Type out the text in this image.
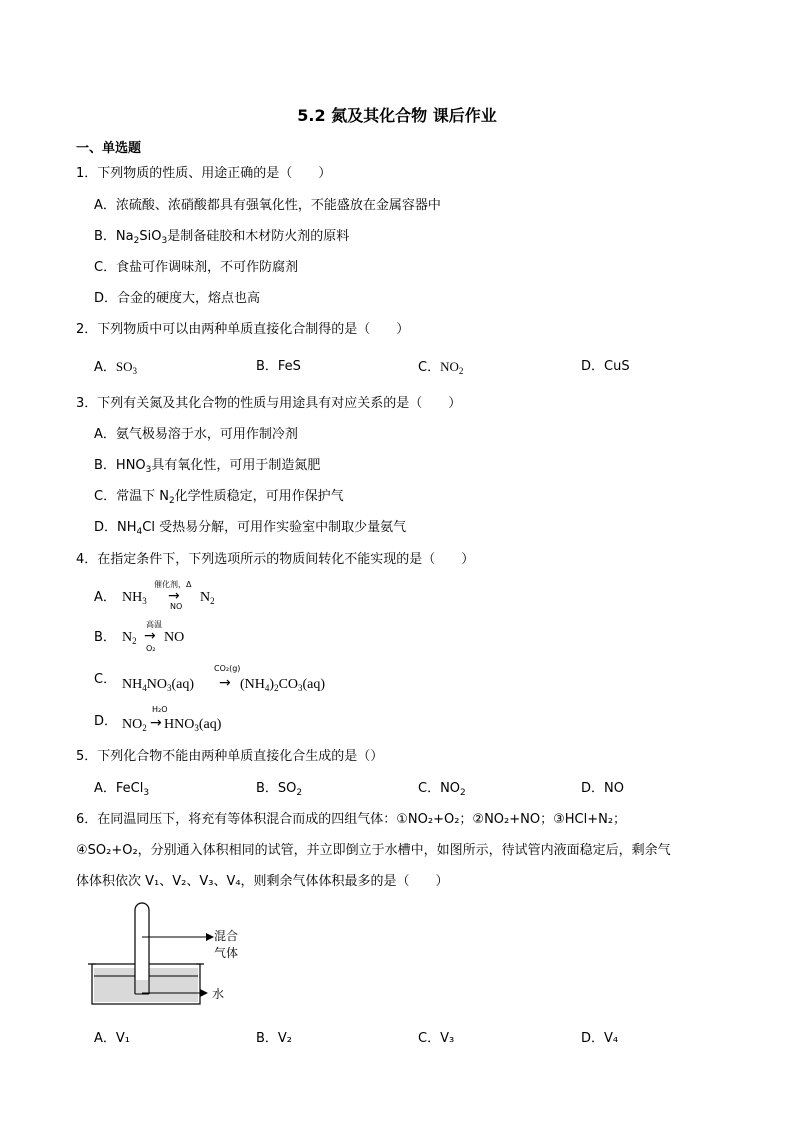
5.2 氮及其化合物 课后作业
一、单选题
1．下列物质的性质、用途正确的是（　　）
A．浓硫酸、浓硝酸都具有强氧化性，不能盛放在金属容器中
B．$Na_2SiO_3$是制备硅胶和木材防火剂的原料
C．食盐可作调味剂，不可作防腐剂
D．合金的硬度大，熔点也高
2．下列物质中可以由两种单质直接化合制得的是（　　）
A．$SO_3$	B．FeS	C．$NO_2$	D．CuS
3．下列有关氮及其化合物的性质与用途具有对应关系的是（　　）
A．氨气极易溶于水，可用作制冷剂
B．$HNO_3$具有氧化性，可用于制造氮肥
C．常温下 $N_2$化学性质稳定，可用作保护气
D．$NH_4Cl$ 受热易分解，可用作实验室中制取少量氨气
4．在指定条件下，下列选项所示的物质间转化不能实现的是（　　）
A． $NH_3$
催化剂，Δ
→
NO
$N_2$
B． $N_2$
高温
→
O₂
NO
C． $NH_4NO_3(aq)$
CO₂(g)
→ $(NH_4)_2CO_3(aq)$
D． $NO_2$
H₂O
→ $HNO_3(aq)$
5．下列化合物不能由两种单质直接化合生成的是（）
A．FeCl$_3$	B．$SO_2$	C．$NO_2$	D．NO
6．在同温同压下，将充有等体积混合而成的四组气体：①NO₂+O₂；②NO₂+NO；③HCl+N₂；
④SO₂+O₂，分别通入体积相同的试管，并立即倒立于水槽中，如图所示，待试管内液面稳定后，剩余气
体体积依次 V₁、V₂、V₃、V₄，则剩余气体体积最多的是（　　）
混合
气体
水
A．V₁	B．V₂	C．V₃	D．V₄
